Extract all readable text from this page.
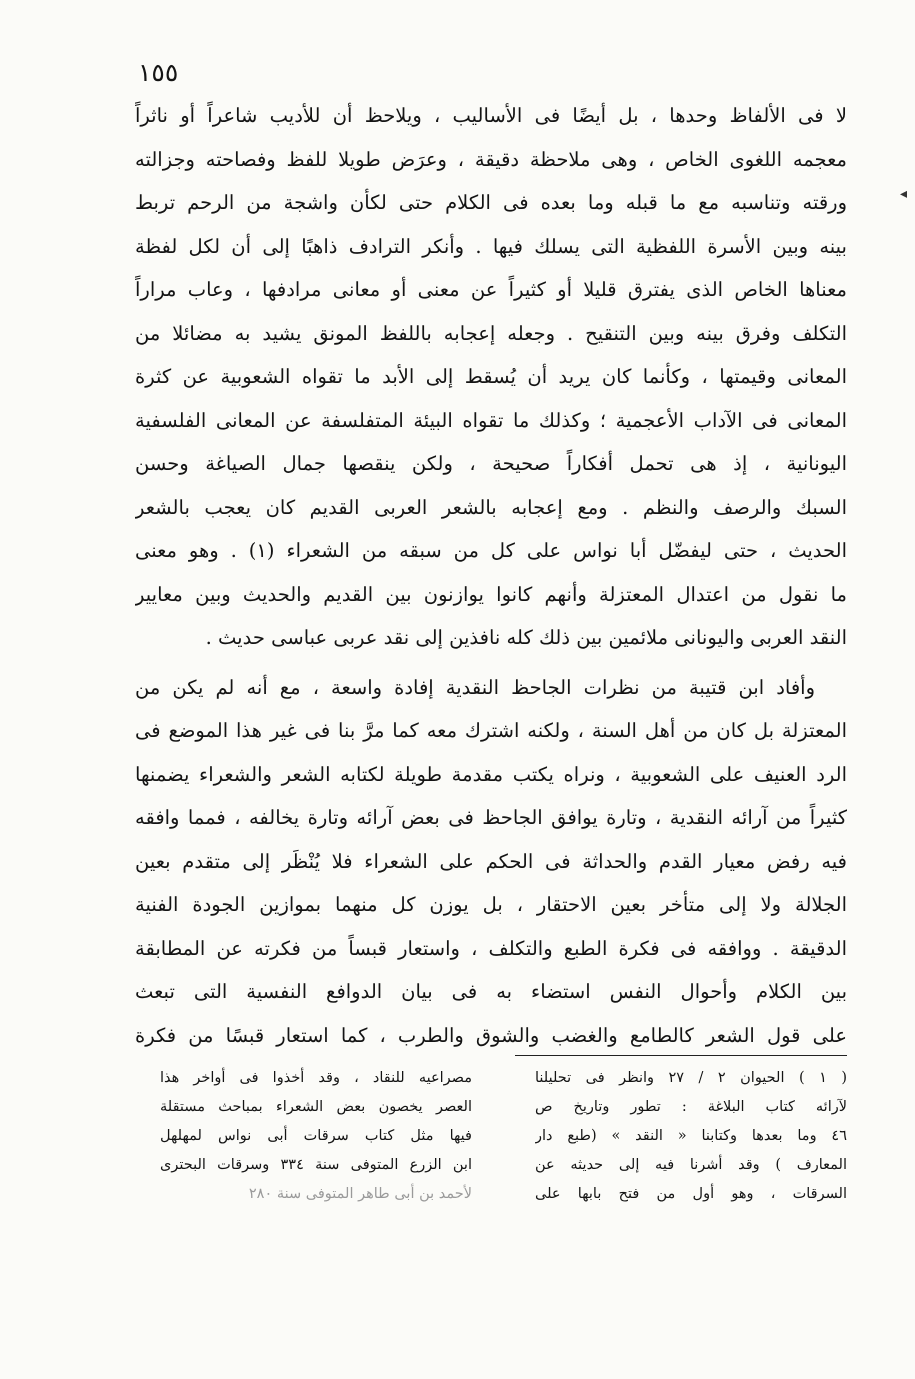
١٥٥
لا فى الألفاظ وحدها ، بل أيضًا فى الأساليب ، ويلاحظ أن للأديب شاعراً أو ناثراً
معجمه اللغوى الخاص ، وهى ملاحظة دقيقة ، وعرَض طويلا للفظ وفصاحته وجزالته
ورقته وتناسبه مع ما قبله وما بعده فى الكلام حتى لكأن واشجة من الرحم تربط
بينه وبين الأسرة اللفظية التى يسلك فيها . وأنكر الترادف ذاهبًا إلى أن لكل لفظة
معناها الخاص الذى يفترق قليلا أو كثيراً عن معنى أو معانى مرادفها ، وعاب مراراً
التكلف وفرق بينه وبين التنقيح . وجعله إعجابه باللفظ المونق يشيد به مضائلا من
المعانى وقيمتها ، وكأنما كان يريد أن يُسقط إلى الأبد ما تقواه الشعوبية عن كثرة
المعانى فى الآداب الأعجمية ؛ وكذلك ما تقواه البيئة المتفلسفة عن المعانى الفلسفية
اليونانية ، إذ هى تحمل أفكاراً صحيحة ، ولكن ينقصها جمال الصياغة وحسن
السبك والرصف والنظم . ومع إعجابه بالشعر العربى القديم كان يعجب بالشعر
الحديث ، حتى ليفضّل أبا نواس على كل من سبقه من الشعراء (١) . وهو معنى
ما نقول من اعتدال المعتزلة وأنهم كانوا يوازنون بين القديم والحديث وبين معايير
النقد العربى واليونانى ملائمين بين ذلك كله نافذين إلى نقد عربى عباسى حديث .
وأفاد ابن قتيبة من نظرات الجاحظ النقدية إفادة واسعة ، مع أنه لم يكن من
المعتزلة بل كان من أهل السنة ، ولكنه اشترك معه كما مرَّ بنا فى غير هذا الموضع فى
الرد العنيف على الشعوبية ، ونراه يكتب مقدمة طويلة لكتابه الشعر والشعراء يضمنها
كثيراً من آرائه النقدية ، وتارة يوافق الجاحظ فى بعض آرائه وتارة يخالفه ، فمما وافقه
فيه رفض معيار القدم والحداثة فى الحكم على الشعراء فلا يُنْظَر إلى متقدم بعين
الجلالة ولا إلى متأخر بعين الاحتقار ، بل يوزن كل منهما بموازين الجودة الفنية
الدقيقة . ووافقه فى فكرة الطبع والتكلف ، واستعار قبساً من فكرته عن المطابقة
بين الكلام وأحوال النفس استضاء به فى بيان الدوافع النفسية التى تبعث
على قول الشعر كالطامع والغضب والشوق والطرب ، كما استعار قبسًا من فكرة
( ١ ) الحيوان ٢ / ٢٧ وانظر فى تحليلنا
لآرائه كتاب البلاغة : تطور وتاريخ ص
٤٦ وما بعدها وكتابنا « النقد » (طبع دار
المعارف ) وقد أشرنا فيه إلى حديثه عن
السرقات ، وهو أول من فتح بابها على
مصراعيه للنقاد ، وقد أخذوا فى أواخر هذا
العصر يخصون بعض الشعراء بمباحث مستقلة
فيها مثل كتاب سرقات أبى نواس لمهلهل
ابن الزرع المتوفى سنة ٣٣٤ وسرقات البحترى
لأحمد بن أبى طاهر المتوفى سنة ٢٨٠
◂
